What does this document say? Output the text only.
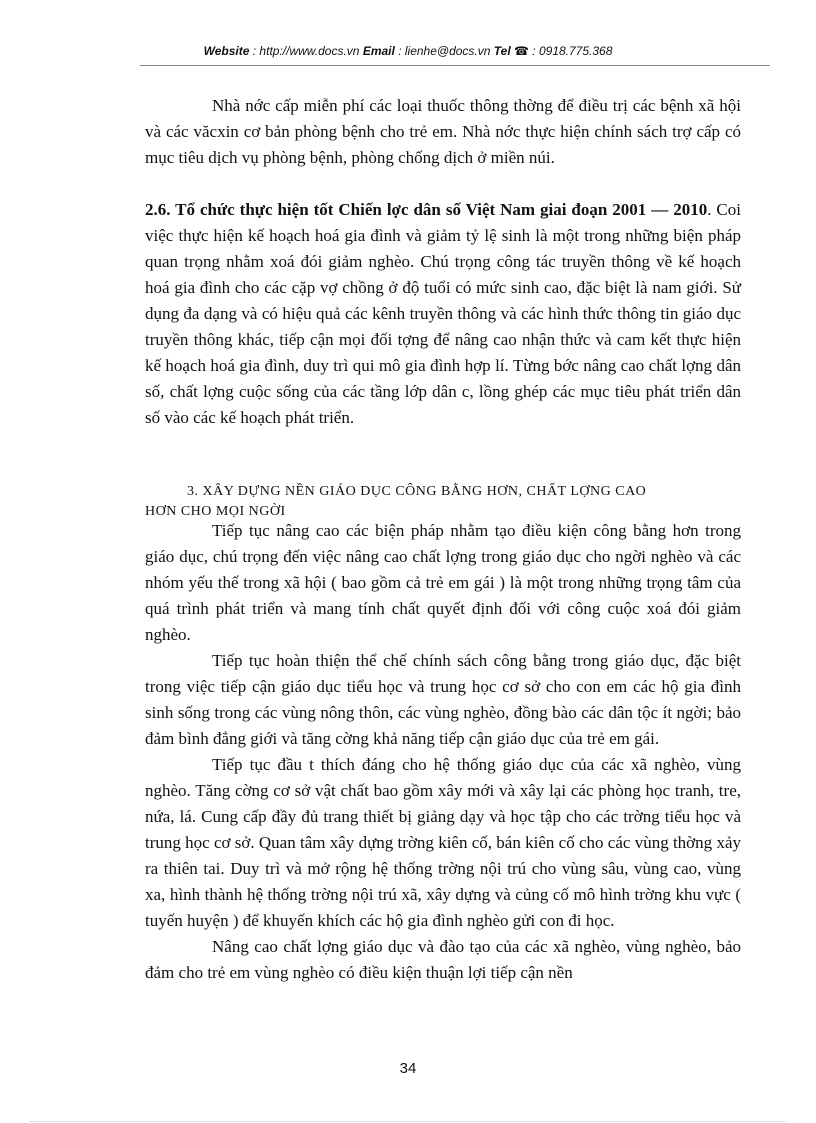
Website : http://www.docs.vn Email : lienhe@docs.vn Tel ☎ : 0918.775.368

Nhà nớc cấp miễn phí các loại thuốc thông thờng để điều trị các bệnh xã hội và các văcxin cơ bản phòng bệnh cho trẻ em. Nhà nớc thực hiện chính sách trợ cấp có mục tiêu dịch vụ phòng bệnh, phòng chống dịch ở miền núi.

2.6. Tổ chức thực hiện tốt Chiến lợc dân số Việt Nam giai đoạn 2001 — 2010. Coi việc thực hiện kế hoạch hoá gia đình và giảm tỷ lệ sinh là một trong những biện pháp quan trọng nhằm xoá đói giảm nghèo. Chú trọng công tác truyền thông về kế hoạch hoá gia đình cho các cặp vợ chồng ở độ tuổi có mức sinh cao, đặc biệt là nam giới. Sử dụng đa dạng và có hiệu quả các kênh truyền thông và các hình thức thông tin giáo dục truyền thông khác, tiếp cận mọi đối tợng để nâng cao nhận thức và cam kết thực hiện kế hoạch hoá gia đình, duy trì qui mô gia đình hợp lí. Từng bớc nâng cao chất lợng dân số, chất lợng cuộc sống của các tầng lớp dân c, lồng ghép các mục tiêu phát triển dân số vào các kế hoạch phát triển.

3. XÂY DỰNG NỀN GIÁO DỤC CÔNG BẰNG HƠN, CHẤT LỢNG CAO
HƠN CHO MỌI NGỜI

Tiếp tục nâng cao các biện pháp nhằm tạo điều kiện công bằng hơn trong giáo dục, chú trọng đến việc nâng cao chất lợng trong giáo dục cho ngời nghèo và các nhóm yếu thế trong xã hội ( bao gồm cả trẻ em gái ) là một trong những trọng tâm của quá trình phát triển và mang tính chất quyết định đối với công cuộc xoá đói giảm nghèo.

Tiếp tục hoàn thiện thể chế chính sách công bằng trong giáo dục, đặc biệt trong việc tiếp cận giáo dục tiểu học và trung học cơ sở cho con em các hộ gia đình sinh sống trong các vùng nông thôn, các vùng nghèo, đồng bào các dân tộc ít ngời; bảo đảm bình đẳng giới và tăng cờng khả năng tiếp cận giáo dục của trẻ em gái.

Tiếp tục đầu t thích đáng cho hệ thống giáo dục của các xã nghèo, vùng nghèo. Tăng cờng cơ sở vật chất bao gồm xây mới và xây lại các phòng học tranh, tre, nứa, lá. Cung cấp đầy đủ trang thiết bị giảng dạy và học tập cho các trờng tiểu học và trung học cơ sở. Quan tâm xây dựng trờng kiên cố, bán kiên cố cho các vùng thờng xảy ra thiên tai. Duy trì và mở rộng hệ thống trờng nội trú cho vùng sâu, vùng cao, vùng xa, hình thành hệ thống trờng nội trú xã, xây dựng và củng cố mô hình trờng khu vực ( tuyến huyện ) để khuyến khích các hộ gia đình nghèo gửi con đi học.

Nâng cao chất lợng giáo dục và đào tạo của các xã nghèo, vùng nghèo, bảo đảm cho trẻ em vùng nghèo có điều kiện thuận lợi tiếp cận nền

34
